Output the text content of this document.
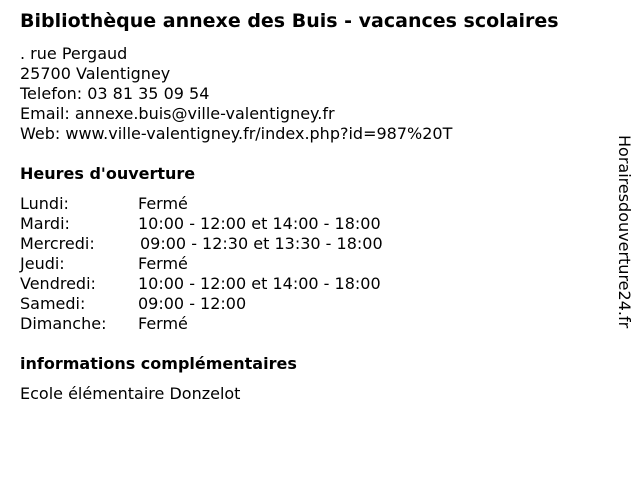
Bibliothèque annexe des Buis - vacances scolaires
. rue Pergaud
25700 Valentigney
Telefon: 03 81 35 09 54
Email: annexe.buis@ville-valentigney.fr
Web: www.ville-valentigney.fr/index.php?id=987%20T
Heures d'ouverture
Lundi:	Fermé
Mardi:	10:00 - 12:00 et 14:00 - 18:00
Mercredi:	09:00 - 12:30 et 13:30 - 18:00
Jeudi:	Fermé
Vendredi:	10:00 - 12:00 et 14:00 - 18:00
Samedi:	09:00 - 12:00
Dimanche: Fermé
informations complémentaires
Ecole élémentaire Donzelot
Horairesdouverture24.fr
